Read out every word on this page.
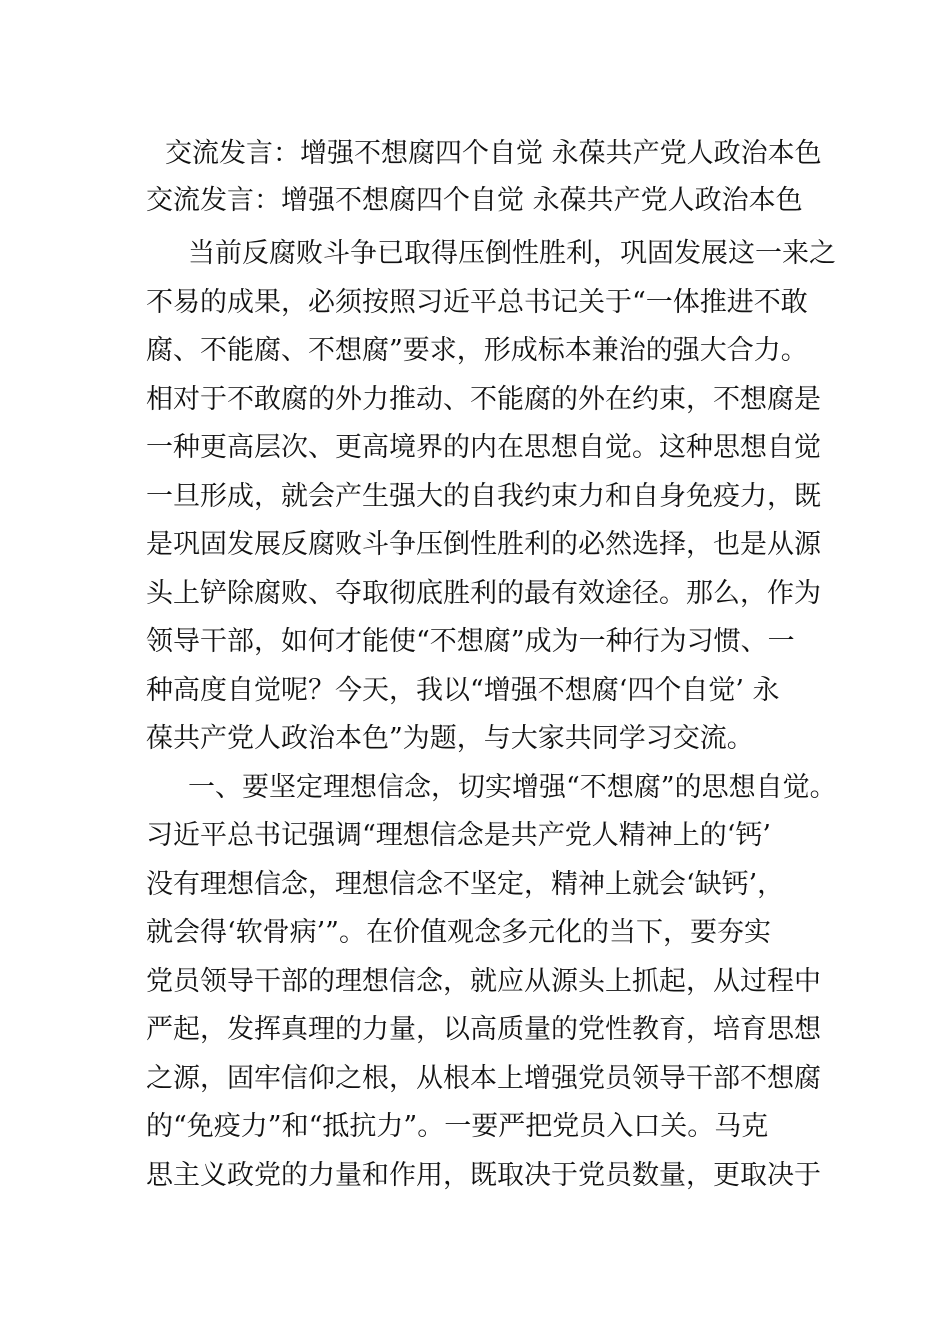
交流发言：增强不想腐四个自觉 永葆共产党人政治本色
交流发言：增强不想腐四个自觉 永葆共产党人政治本色
当前反腐败斗争已取得压倒性胜利，巩固发展这一来之
不易的成果，必须按照习近平总书记关于“一体推进不敢
腐、不能腐、不想腐”要求，形成标本兼治的强大合力。
相对于不敢腐的外力推动、不能腐的外在约束，不想腐是
一种更高层次、更高境界的内在思想自觉。这种思想自觉
一旦形成，就会产生强大的自我约束力和自身免疫力，既
是巩固发展反腐败斗争压倒性胜利的必然选择，也是从源
头上铲除腐败、夺取彻底胜利的最有效途径。那么，作为
领导干部，如何才能使“不想腐”成为一种行为习惯、一
种高度自觉呢？今天，我以“增强不想腐‘四个自觉’ 永
葆共产党人政治本色”为题，与大家共同学习交流。
一、要坚定理想信念，切实增强“不想腐”的思想自觉。
习近平总书记强调“理想信念是共产党人精神上的‘钙’
没有理想信念，理想信念不坚定，精神上就会‘缺钙’，
就会得‘软骨病’”。在价值观念多元化的当下，要夯实
党员领导干部的理想信念，就应从源头上抓起，从过程中
严起，发挥真理的力量，以高质量的党性教育，培育思想
之源，固牢信仰之根，从根本上增强党员领导干部不想腐
的“免疫力”和“抵抗力”。一要严把党员入口关。马克
思主义政党的力量和作用，既取决于党员数量，更取决于
